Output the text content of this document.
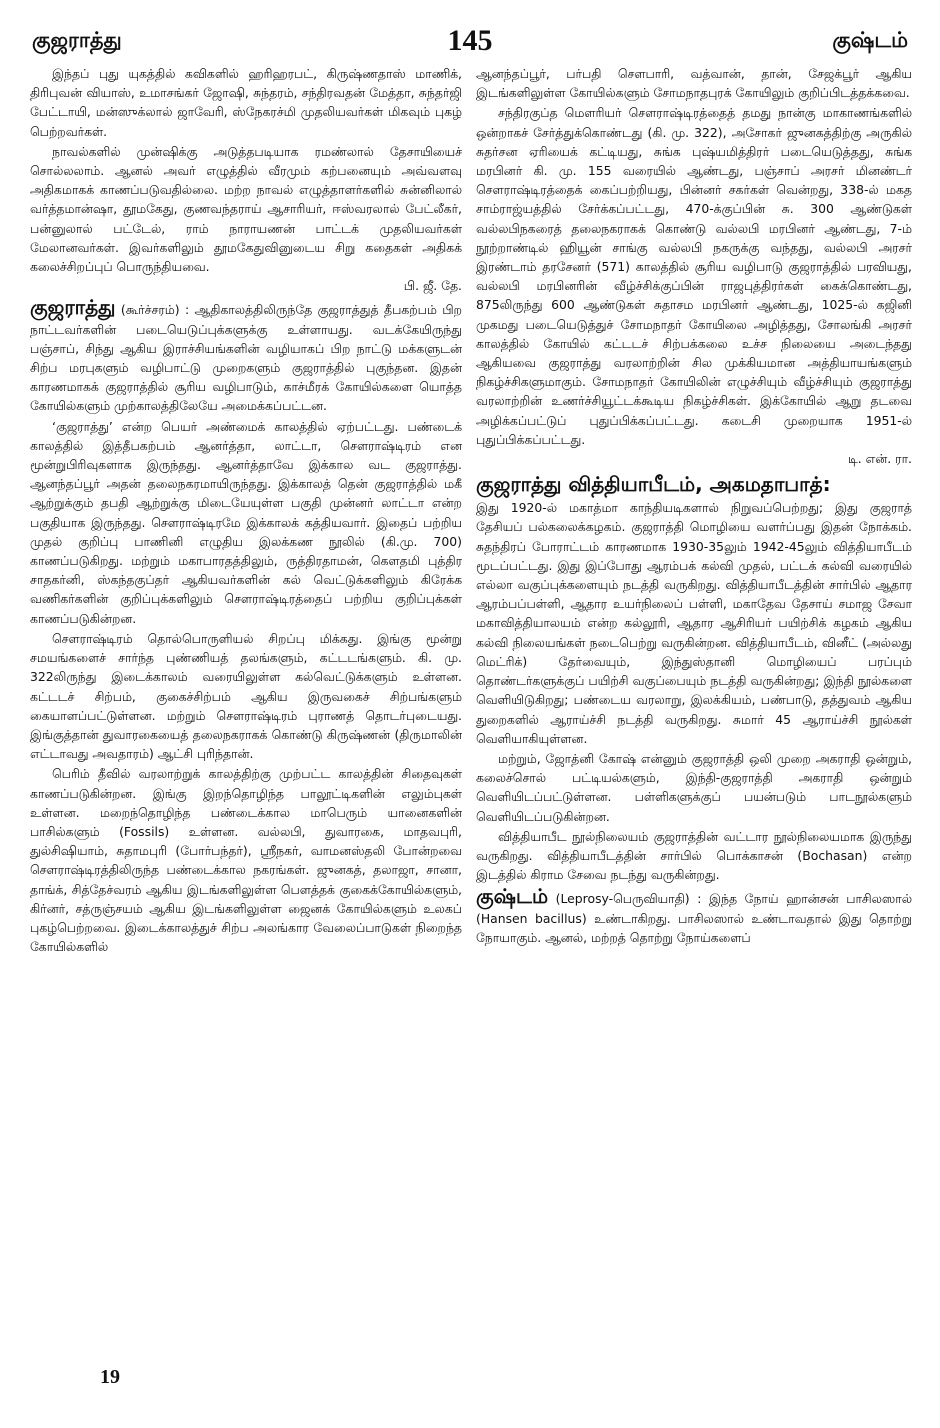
குஜராத்து	145	குஷ்டம்

இந்தப் புது யுகத்தில் கவிகளில் ஹரிஹரபட், கிருஷ்ணதாஸ் மாணிக், திரிபுவன் வியாஸ், உமாசங்கர் ஜோஷி, சுந்தரம், சந்திரவதன் மேத்தா, சுந்தர்ஜி பேட்டாயி, மன்ஸுக்லால் ஜாவேரி, ஸ்நேகரச்மி முதலியவர்கள் மிகவும் புகழ் பெற்றவர்கள்.

நாவல்களில் முன்ஷிக்கு அடுத்தபடியாக ரமண்லால் தேசாயியைச் சொல்லலாம். ஆனல் அவர் எழுத்தில் வீரமும் கற்பனையும் அவ்வளவு அதிகமாகக் காணப்படுவதில்லை. மற்ற நாவல் எழுத்தாளர்களில் சுன்னிலால் வர்த்தமான்ஷா, தூமகேது, குணவந்தராய் ஆசாரியர், ஈஸ்வரலால் பேட்லீகர், பன்னுலால் பட்டேல், ராம் நாராயணன் பாட்டக் முதலியவர்கள் மேலானவர்கள். இவர்களிலும் தூமகேதுவினுடைய சிறு கதைகள் அதிகக் கலைச்சிறப்புப் பொருந்தியவை.
பி. ஜீ. தே.

குஜராத்து (கூர்ச்சரம்) : ஆதிகாலத்திலிருந்தே குஜராத்துத் தீபகற்பம் பிற நாட்டவர்களின் படையெடுப்புக்களுக்கு உள்ளாயது. வடக்கேயிருந்து பஞ்சாப், சிந்து ஆகிய இராச்சியங்களின் வழியாகப் பிற நாட்டு மக்களுடன் சிற்ப மரபுகளும் வழிபாட்டு முறைகளும் குஜராத்தில் புகுந்தன. இதன் காரணமாகக் குஜராத்தில் சூரிய வழிபாடும், காச்மீரக் கோயில்களை யொத்த கோயில்களும் முற்காலத்திலேயே அமைக்கப்பட்டன.

‘குஜராத்து’ என்ற பெயர் அண்மைக் காலத்தில் ஏற்பட்டது. பண்டைக் காலத்தில் இத்தீபகற்பம் ஆனர்த்தா, லாட்டா, சௌராஷ்டிரம் என மூன்றுபிரிவுகளாக இருந்தது. ஆனர்த்தாவே இக்கால வட குஜராத்து. ஆனந்தப்பூர் அதன் தலைநகரமாயிருந்தது. இக்காலத் தென் குஜராத்தில் மகீ ஆற்றுக்கும் தபதி ஆற்றுக்கு மிடையேயுள்ள பகுதி முன்னர் லாட்டா என்ற பகுதியாக இருந்தது. சௌராஷ்டிரமே இக்காலக் கத்தியவார். இதைப் பற்றிய முதல் குறிப்பு பாணினி எழுதிய இலக்கண நூலில் (கி.மு. 700) காணப்படுகிறது. மற்றும் மகாபாரதத்திலும், ருத்திரதாமன், கௌதமி புத்திர சாதகர்னி, ஸ்கந்தகுப்தர் ஆகியவர்களின் கல் வெட்டுக்களிலும் கிரேக்க வணிகர்களின் குறிப்புக்களிலும் சௌராஷ்டிரத்தைப் பற்றிய குறிப்புக்கள் காணப்படுகின்றன.

சௌராஷ்டிரம் தொல்பொருளியல் சிறப்பு மிக்கது. இங்கு மூன்று சமயங்களைச் சார்ந்த புண்ணியத் தலங்களும், கட்டடங்களும். கி. மு. 322லிருந்து இடைக்காலம் வரையிலுள்ள கல்வெட்டுக்களும் உள்ளன. கட்டடச் சிற்பம், குகைச்சிற்பம் ஆகிய இருவகைச் சிற்பங்களும் கையாளப்பட்டுள்ளன. மற்றும் சௌராஷ்டிரம் புராணத் தொடர்புடையது. இங்குத்தான் துவாரகையைத் தலைநகராகக் கொண்டு கிருஷ்ணன் (திருமாலின் எட்டாவது அவதாரம்) ஆட்சி புரிந்தான்.

பெரிம் தீவில் வரலாற்றுக் காலத்திற்கு முற்பட்ட காலத்தின் சிதைவுகள் காணப்படுகின்றன. இங்கு இறந்தொழிந்த பாலூட்டிகளின் எலும்புகள் உள்ளன. மறைந்தொழிந்த பண்டைக்கால மாபெரும் யானைகளின் பாசில்களும் (Fossils) உள்ளன. வல்லபி, துவாரகை, மாதவபுரி, துல்சிஷியாம், சுதாமபுரி (போர்பந்தர்), ஸ்ரீநகர், வாமனஸ்தலி போன்றவை சௌராஷ்டிரத்திலிருந்த பண்டைக்கால நகரங்கள். ஜுனகத், தலாஜா, சானா, தாங்க், சித்தேச்வரம் ஆகிய இடங்களிலுள்ள பௌத்தக் குகைக்கோயில்களும், கிர்னர், சத்ருஞ்சயம் ஆகிய இடங்களிலுள்ள ஜைனக் கோயில்களும் உலகப் புகழ்பெற்றவை. இடைக்காலத்துச் சிற்ப அலங்கார வேலைப்பாடுகள் நிறைந்த கோயில்களில்

ஆனந்தப்பூர், பர்பதி சௌபாரி, வத்வான், தான், சேஜக்பூர் ஆகிய இடங்களிலுள்ள கோயில்களும் சோமநாதபுரக் கோயிலும் குறிப்பிடத்தக்கவை.

சந்திரகுப்த மௌரியர் சௌராஷ்டிரத்தைத் தமது நான்கு மாகாணங்களில் ஒன்றாகச் சேர்த்துக்கொண்டது (கி. மு. 322), அசோகர் ஜுனகத்திற்கு அருகில் சுதர்சன ஏரியைக் கட்டியது, சுங்க புஷ்யமித்திரர் படையெடுத்தது, சுங்க மரபினர் கி. மு. 155 வரையில் ஆண்டது, பஞ்சாப் அரசர் மினண்டர் சௌராஷ்டிரத்தைக் கைப்பற்றியது, பின்னர் சகர்கள் வென்றது, 338-ல் மகத சாம்ராஜ்யத்தில் சேர்க்கப்பட்டது, 470-க்குப்பின் சு. 300 ஆண்டுகள் வல்லபிநகரைத் தலைநகராகக் கொண்டு வல்லபி மரபினர் ஆண்டது, 7-ம் நூற்றாண்டில் ஹியூன் சாங்கு வல்லபி நகருக்கு வந்தது, வல்லபி அரசர் இரண்டாம் தரசேனர் (571) காலத்தில் சூரிய வழிபாடு குஜராத்தில் பரவியது, வல்லபி மரபினரின் வீழ்ச்சிக்குப்பின் ராஜபுத்திரர்கள் கைக்கொண்டது, 875லிருந்து 600 ஆண்டுகள் சுதாசம மரபினர் ஆண்டது, 1025-ல் கஜினி முகமது படையெடுத்துச் சோமநாதர் கோயிலை அழித்தது, சோலங்கி அரசர் காலத்தில் கோயில் கட்டடச் சிற்பக்கலை உச்ச நிலையை அடைந்தது ஆகியவை குஜராத்து வரலாற்றின் சில முக்கியமான அத்தியாயங்களும் நிகழ்ச்சிகளுமாகும். சோமநாதர் கோயிலின் எழுச்சியும் வீழ்ச்சியும் குஜராத்து வரலாற்றின் உணர்ச்சியூட்டக்கூடிய நிகழ்ச்சிகள். இக்கோயில் ஆறு தடவை அழிக்கப்பட்டுப் புதுப்பிக்கப்பட்டது. கடைசி முறையாக 1951-ல் புதுப்பிக்கப்பட்டது.
டி. என். ரா.

குஜராத்து வித்தியாபீடம், அகமதாபாத்:

இது 1920-ல் மகாத்மா காந்தியடிகளால் நிறுவப்பெற்றது; இது குஜராத் தேசியப் பல்கலைக்கழகம். குஜராத்தி மொழியை வளர்ப்பது இதன் நோக்கம். சுதந்திரப் போராட்டம் காரணமாக 1930-35லும் 1942-45லும் வித்தியாபீடம் மூடப்பட்டது. இது இப்போது ஆரம்பக் கல்வி முதல், பட்டக் கல்வி வரையில் எல்லா வகுப்புக்களையும் நடத்தி வருகிறது. வித்தியாபீடத்தின் சார்பில் ஆதார ஆரம்பப்பள்ளி, ஆதார உயர்நிலைப் பள்ளி, மகாதேவ தேசாய் சமாஜ சேவா மகாவித்தியாலயம் என்ற கல்லூரி, ஆதார ஆசிரியர் பயிற்சிக் கழகம் ஆகிய கல்வி நிலையங்கள் நடைபெற்று வருகின்றன. வித்தியாபீடம், வினீட் (அல்லது மெட்ரிக்) தேர்வையும், இந்துஸ்தானி மொழியைப் பரப்பும் தொண்டர்களுக்குப் பயிற்சி வகுப்பையும் நடத்தி வருகின்றது; இந்தி நூல்களை வெளியிடுகிறது; பண்டைய வரலாறு, இலக்கியம், பண்பாடு, தத்துவம் ஆகிய துறைகளில் ஆராய்ச்சி நடத்தி வருகிறது. சுமார் 45 ஆராய்ச்சி நூல்கள் வெளியாகியுள்ளன.

மற்றும், ஜோத்னி கோஷ் என்னும் குஜராத்தி ஒலி முறை அகராதி ஒன்றும், கலைச்சொல் பட்டியல்களும், இந்தி-குஜராத்தி அகராதி ஒன்றும் வெளியிடப்பட்டுள்ளன. பள்ளிகளுக்குப் பயன்படும் பாடநூல்களும் வெளியிடப்படுகின்றன.

வித்தியாபீட நூல்நிலையம் குஜராத்தின் வட்டார நூல்நிலையமாக இருந்து வருகிறது. வித்தியாபீடத்தின் சார்பில் பொக்காசன் (Bochasan) என்ற இடத்தில் கிராம சேவை நடந்து வருகின்றது.

குஷ்டம் (Leprosy-பெருவியாதி) : இந்த நோய் ஹான்சன் பாசிலஸால் (Hansen bacillus) உண்டாகிறது. பாசிலஸால் உண்டாவதால் இது தொற்று நோயாகும். ஆனல், மற்றத் தொற்று நோய்களைப்

19
